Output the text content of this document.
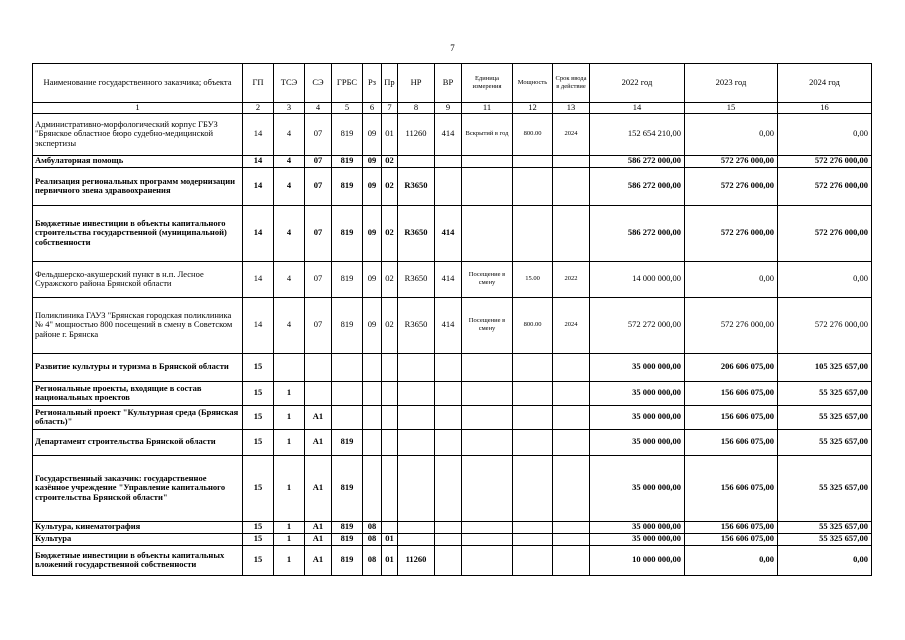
7
Наименование государственного заказчика; объекта	ГП	ТСЭ	СЭ	ГРБС	Рз	Пр	НР	ВР	Единица измерения	Мощность	Срок ввода в действие	2022 год	2023 год	2024 год
1	2	3	4	5	6	7	8	9	11	12	13	14	15	16
Административно-морфологический корпус ГБУЗ "Брянское областное бюро судебно-медицинской экспертизы	14	4	07	819	09	01	11260	414	Вскрытий в год	800.00	2024	152 654 210,00	0,00	0,00
Амбулаторная помощь	14	4	07	819	09	02						586 272 000,00	572 276 000,00	572 276 000,00
Реализация региональных программ модернизации первичного звена здравоохранения	14	4	07	819	09	02	R3650					586 272 000,00	572 276 000,00	572 276 000,00
Бюджетные инвестиции в объекты капитального строительства государственной (муниципальной) собственности	14	4	07	819	09	02	R3650	414				586 272 000,00	572 276 000,00	572 276 000,00
Фельдшерско-акушерский пункт в н.п. Лесное Суражского района Брянской области	14	4	07	819	09	02	R3650	414	Посещение в смену	15.00	2022	14 000 000,00	0,00	0,00
Поликлиника ГАУЗ "Брянская городская поликлиника № 4" мощностью 800 посещений в смену в Советском районе г. Брянска	14	4	07	819	09	02	R3650	414	Посещение в смену	800.00	2024	572 272 000,00	572 276 000,00	572 276 000,00
Развитие культуры и туризма в Брянской области	15											35 000 000,00	206 606 075,00	105 325 657,00
Региональные проекты, входящие в состав национальных проектов	15	1										35 000 000,00	156 606 075,00	55 325 657,00
Региональный проект "Культурная среда (Брянская область)"	15	1	А1									35 000 000,00	156 606 075,00	55 325 657,00
Департамент строительства Брянской области	15	1	А1	819								35 000 000,00	156 606 075,00	55 325 657,00
Государственный заказчик: государственное казённое учреждение "Управление капитального строительства Брянской области"	15	1	А1	819								35 000 000,00	156 606 075,00	55 325 657,00
Культура, кинематография	15	1	А1	819	08							35 000 000,00	156 606 075,00	55 325 657,00
Культура	15	1	А1	819	08	01						35 000 000,00	156 606 075,00	55 325 657,00
Бюджетные инвестиции в объекты капитальных вложений государственной собственности	15	1	А1	819	08	01	11260					10 000 000,00	0,00	0,00
